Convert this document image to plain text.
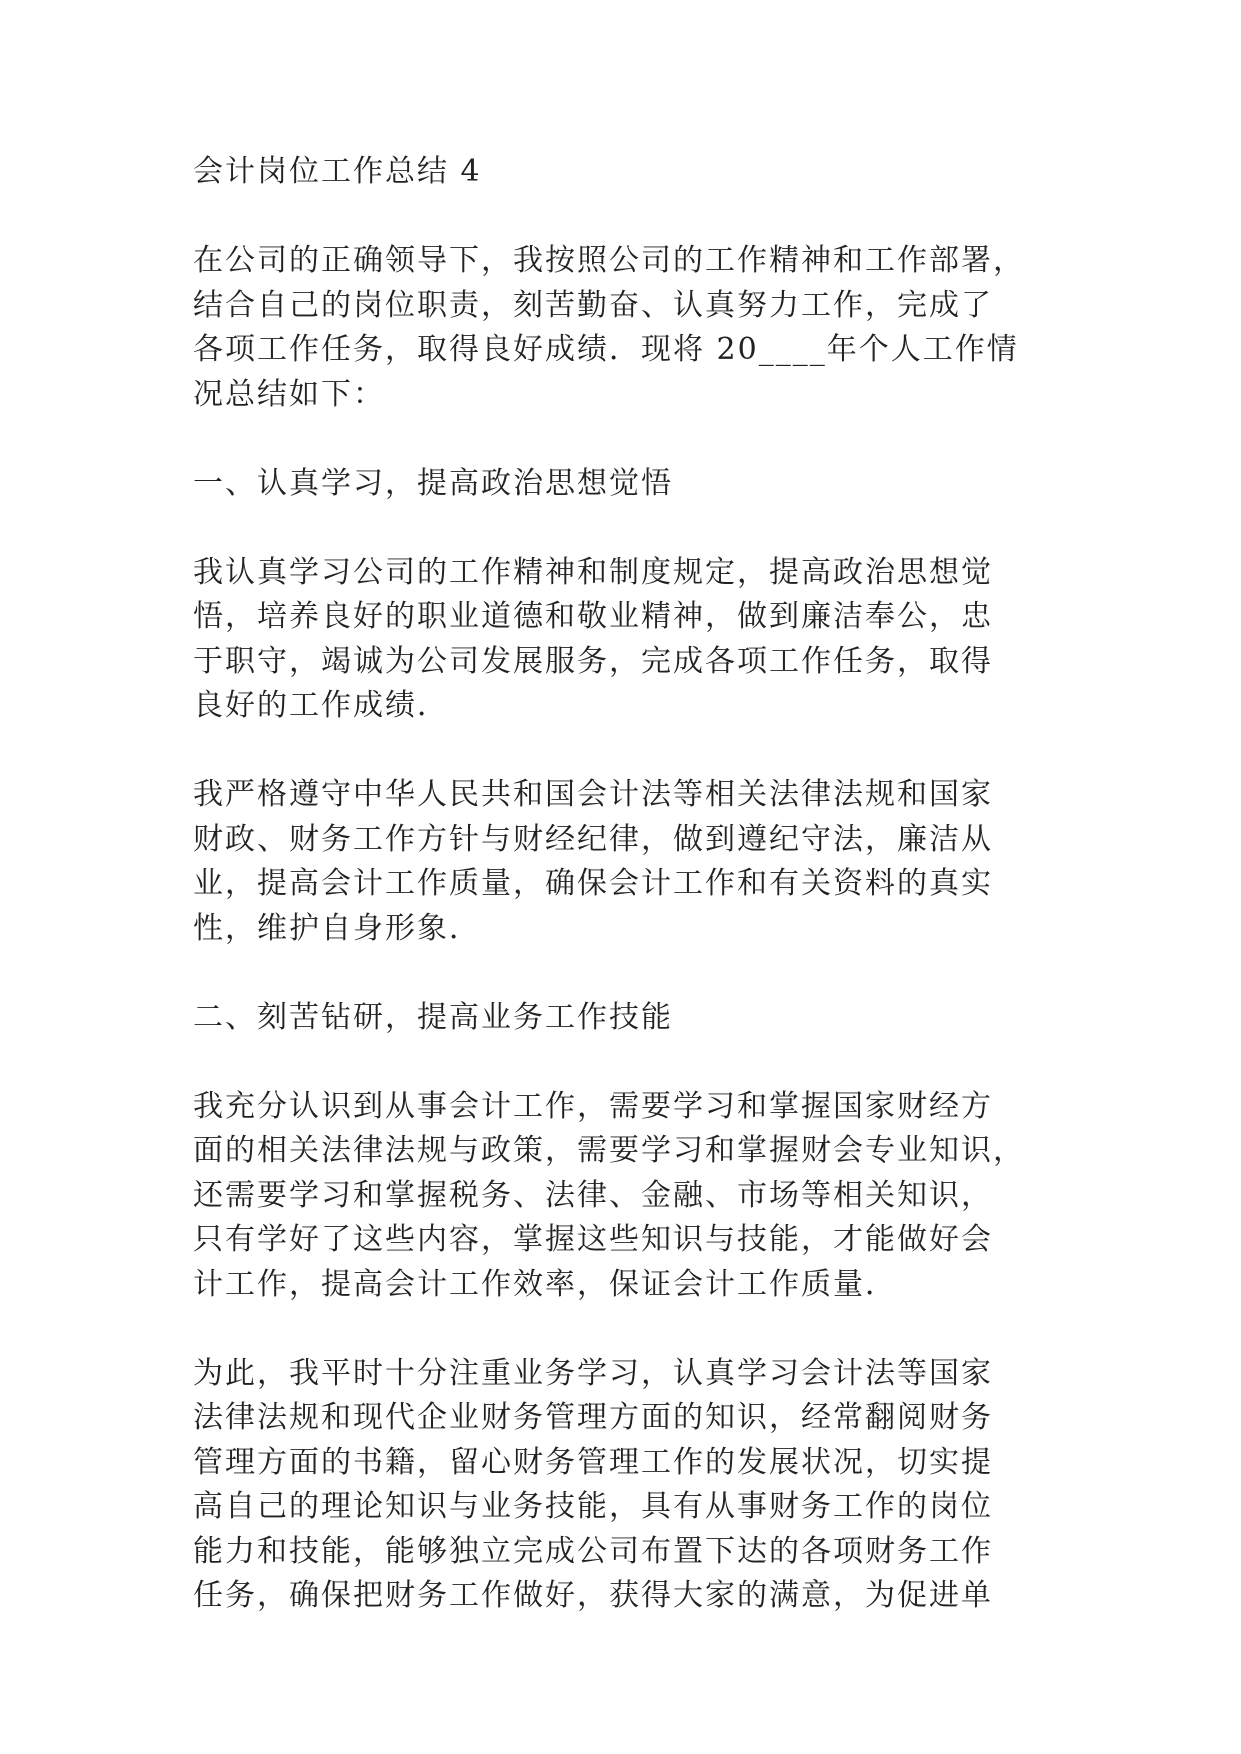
会计岗位工作总结 4
在公司的正确领导下，我按照公司的工作精神和工作部署，
结合自己的岗位职责，刻苦勤奋、认真努力工作，完成了
各项工作任务，取得良好成绩．现将 20____年个人工作情
况总结如下：
一、认真学习，提高政治思想觉悟
我认真学习公司的工作精神和制度规定，提高政治思想觉
悟，培养良好的职业道德和敬业精神，做到廉洁奉公，忠
于职守，竭诚为公司发展服务，完成各项工作任务，取得
良好的工作成绩．
我严格遵守中华人民共和国会计法等相关法律法规和国家
财政、财务工作方针与财经纪律，做到遵纪守法，廉洁从
业，提高会计工作质量，确保会计工作和有关资料的真实
性，维护自身形象．
二、刻苦钻研，提高业务工作技能
我充分认识到从事会计工作，需要学习和掌握国家财经方
面的相关法律法规与政策，需要学习和掌握财会专业知识，
还需要学习和掌握税务、法律、金融、市场等相关知识，
只有学好了这些内容，掌握这些知识与技能，才能做好会
计工作，提高会计工作效率，保证会计工作质量．
为此，我平时十分注重业务学习，认真学习会计法等国家
法律法规和现代企业财务管理方面的知识，经常翻阅财务
管理方面的书籍，留心财务管理工作的发展状况，切实提
高自己的理论知识与业务技能，具有从事财务工作的岗位
能力和技能，能够独立完成公司布置下达的各项财务工作
任务，确保把财务工作做好，获得大家的满意，为促进单
